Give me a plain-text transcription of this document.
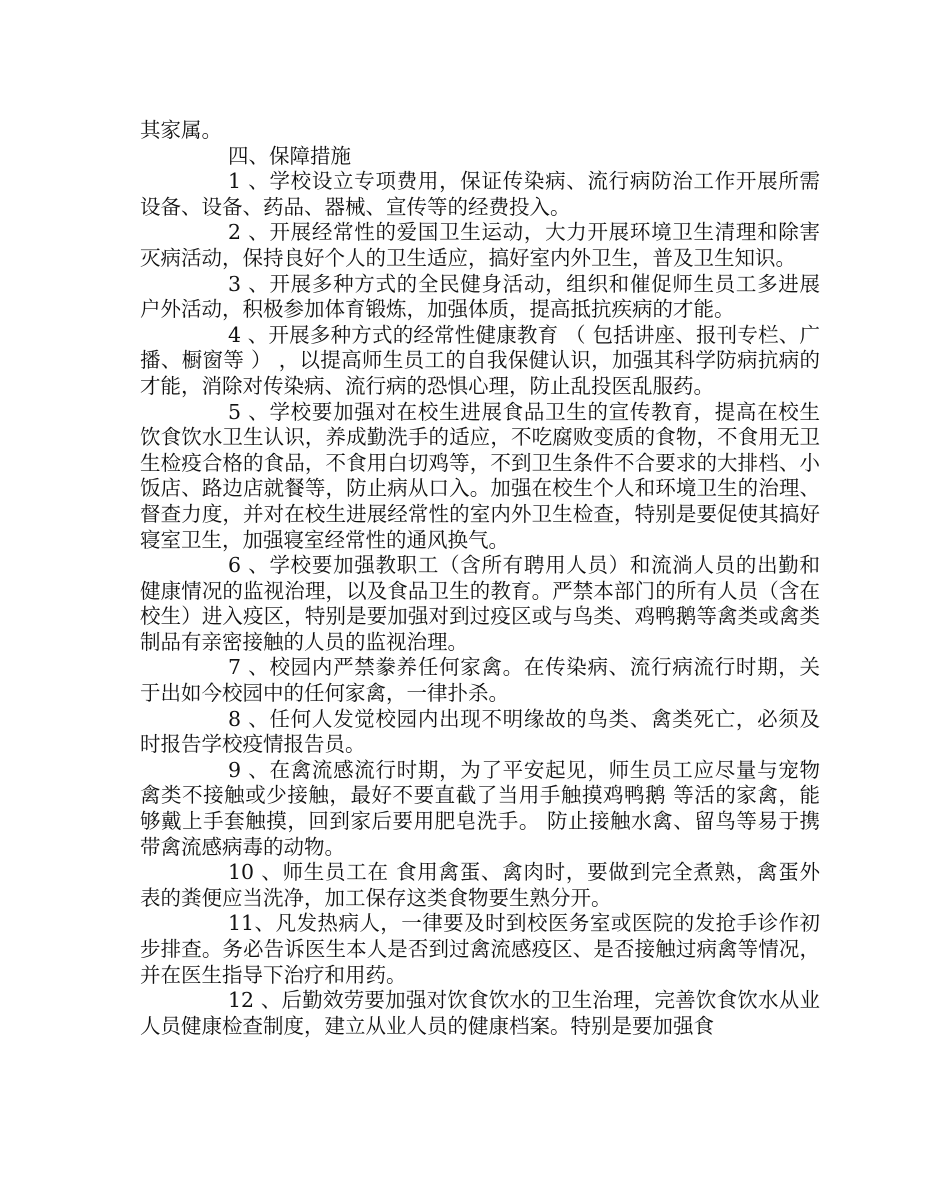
其家属。

四、保障措施

1 、学校设立专项费用，保证传染病、流行病防治工作开展所需设备、设备、药品、器械、宣传等的经费投入。

2 、开展经常性的爱国卫生运动，大力开展环境卫生清理和除害灭病活动，保持良好个人的卫生适应，搞好室内外卫生，普及卫生知识。

3 、开展多种方式的全民健身活动，组织和催促师生员工多进展户外活动，积极参加体育锻炼，加强体质，提高抵抗疾病的才能。

4 、开展多种方式的经常性健康教育 （ 包括讲座、报刊专栏、广播、橱窗等 ） ，以提高师生员工的自我保健认识，加强其科学防病抗病的才能，消除对传染病、流行病的恐惧心理，防止乱投医乱服药。

5 、学校要加强对在校生进展食品卫生的宣传教育，提高在校生饮食饮水卫生认识，养成勤洗手的适应，不吃腐败变质的食物，不食用无卫生检疫合格的食品，不食用白切鸡等，不到卫生条件不合要求的大排档、小饭店、路边店就餐等，防止病从口入。加强在校生个人和环境卫生的治理、督查力度，并对在校生进展经常性的室内外卫生检查，特别是要促使其搞好寝室卫生，加强寝室经常性的通风换气。

6 、学校要加强教职工（含所有聘用人员）和流淌人员的出勤和健康情况的监视治理，以及食品卫生的教育。严禁本部门的所有人员（含在校生）进入疫区，特别是要加强对到过疫区或与鸟类、鸡鸭鹅等禽类或禽类制品有亲密接触的人员的监视治理。

7 、校园内严禁豢养任何家禽。在传染病、流行病流行时期，关于出如今校园中的任何家禽，一律扑杀。

8 、任何人发觉校园内出现不明缘故的鸟类、禽类死亡，必须及时报告学校疫情报告员。

9 、在禽流感流行时期，为了平安起见，师生员工应尽量与宠物禽类不接触或少接触，最好不要直截了当用手触摸鸡鸭鹅 等活的家禽，能够戴上手套触摸，回到家后要用肥皂洗手。 防止接触水禽、留鸟等易于携带禽流感病毒的动物。

10 、师生员工在 食用禽蛋、禽肉时，要做到完全煮熟，禽蛋外表的粪便应当洗净，加工保存这类食物要生熟分开。

11、凡发热病人，一律要及时到校医务室或医院的发抢手诊作初步排查。务必告诉医生本人是否到过禽流感疫区、是否接触过病禽等情况，并在医生指导下治疗和用药。

12 、后勤效劳要加强对饮食饮水的卫生治理，完善饮食饮水从业人员健康检查制度，建立从业人员的健康档案。特别是要加强食
